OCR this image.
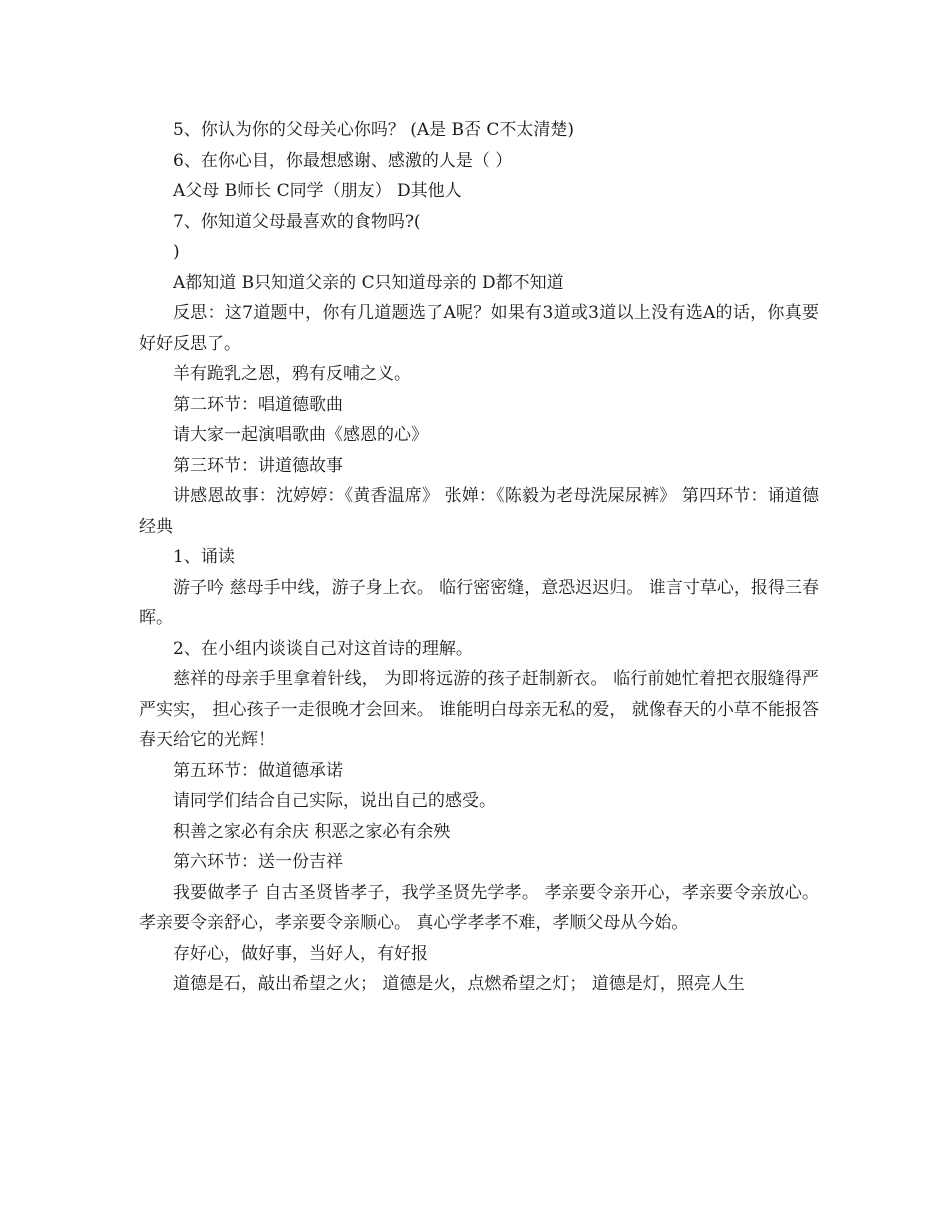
5、你认为你的父母关心你吗？ (A是 B否 C不太清楚)

6、在你心目，你最想感谢、感激的人是（ ）

A父母 B师长 C同学（朋友） D其他人

7、你知道父母最喜欢的食物吗?(

)

A都知道 B只知道父亲的 C只知道母亲的 D都不知道

反思：这7道题中，你有几道题选了A呢？如果有3道或3道以上没有选A的话，你真要好好反思了。

羊有跪乳之恩，鸦有反哺之义。

第二环节：唱道德歌曲

请大家一起演唱歌曲《感恩的心》

第三环节：讲道德故事

讲感恩故事：沈婷婷：《黄香温席》 张婵：《陈毅为老母洗屎尿裤》 第四环节：诵道德经典

1、诵读

游子吟 慈母手中线，游子身上衣。 临行密密缝，意恐迟迟归。 谁言寸草心，报得三春晖。

2、在小组内谈谈自己对这首诗的理解。

慈祥的母亲手里拿着针线， 为即将远游的孩子赶制新衣。 临行前她忙着把衣服缝得严严实实， 担心孩子一走很晚才会回来。 谁能明白母亲无私的爱， 就像春天的小草不能报答春天给它的光辉！

第五环节：做道德承诺

请同学们结合自己实际，说出自己的感受。

积善之家必有余庆 积恶之家必有余殃

第六环节：送一份吉祥

我要做孝子 自古圣贤皆孝子，我学圣贤先学孝。 孝亲要令亲开心，孝亲要令亲放心。 孝亲要令亲舒心，孝亲要令亲顺心。 真心学孝孝不难，孝顺父母从今始。

存好心，做好事，当好人，有好报

道德是石，敲出希望之火； 道德是火，点燃希望之灯； 道德是灯，照亮人生
